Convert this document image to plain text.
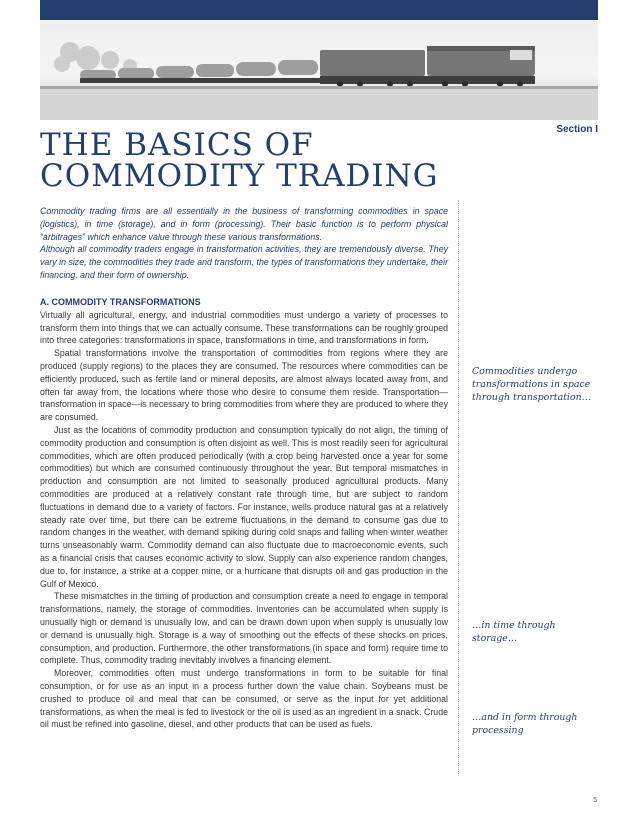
Section I
THE BASICS OF
COMMODITY TRADING

Commodity trading firms are all essentially in the business of transforming commodities in space (logistics), in time (storage), and in form (processing). Their basic function is to perform physical “arbitrages” which enhance value through these various transformations.

Although all commodity traders engage in transformation activities, they are tremendously diverse. They vary in size, the commodities they trade and transform, the types of transformations they undertake, their financing, and their form of ownership.

A. COMMODITY TRANSFORMATIONS

Virtually all agricultural, energy, and industrial commodities must undergo a variety of processes to transform them into things that we can actually consume. These transformations can be roughly grouped into three categories: transformations in space, transformations in time, and transformations in form.

Spatial transformations involve the transportation of commodities from regions where they are produced (supply regions) to the places they are consumed. The resources where commodities can be efficiently produced, such as fertile land or mineral deposits, are almost always located away from, and often far away from, the locations where those who desire to consume them reside. Transportation—transformation in space—is necessary to bring commodities from where they are produced to where they are consumed.

Just as the locations of commodity production and consumption typically do not align, the timing of commodity production and consumption is often disjoint as well. This is most readily seen for agricultural commodities, which are often produced periodically (with a crop being harvested once a year for some commodities) but which are consumed continuously throughout the year. But temporal mismatches in production and consumption are not limited to seasonally produced agricultural products. Many commodities are produced at a relatively constant rate through time, but are subject to random fluctuations in demand due to a variety of factors. For instance, wells produce natural gas at a relatively steady rate over time, but there can be extreme fluctuations in the demand to consume gas due to random changes in the weather, with demand spiking during cold snaps and falling when winter weather turns unseasonably warm. Commodity demand can also fluctuate due to macroeconomic events, such as a financial crisis that causes economic activity to slow. Supply can also experience random changes, due to, for instance, a strike at a copper mine, or a hurricane that disrupts oil and gas production in the Gulf of Mexico.

These mismatches in the timing of production and consumption create a need to engage in temporal transformations, namely, the storage of commodities. Inventories can be accumulated when supply is unusually high or demand is unusually low, and can be drawn down upon when supply is unusually low or demand is unusually high. Storage is a way of smoothing out the effects of these shocks on prices, consumption, and production. Furthermore, the other transformations (in space and form) require time to complete. Thus, commodity trading inevitably involves a financing element.

Moreover, commodities often must undergo transformations in form to be suitable for final consumption, or for use as an input in a process further down the value chain. Soybeans must be crushed to produce oil and meal that can be consumed, or serve as the input for yet additional transformations, as when the meal is fed to livestock or the oil is used as an ingredient in a snack. Crude oil must be refined into gasoline, diesel, and other products that can be used as fuels.

Commodities undergo transformations in space through transportation…
…in time through storage…
…and in form through processing
5
